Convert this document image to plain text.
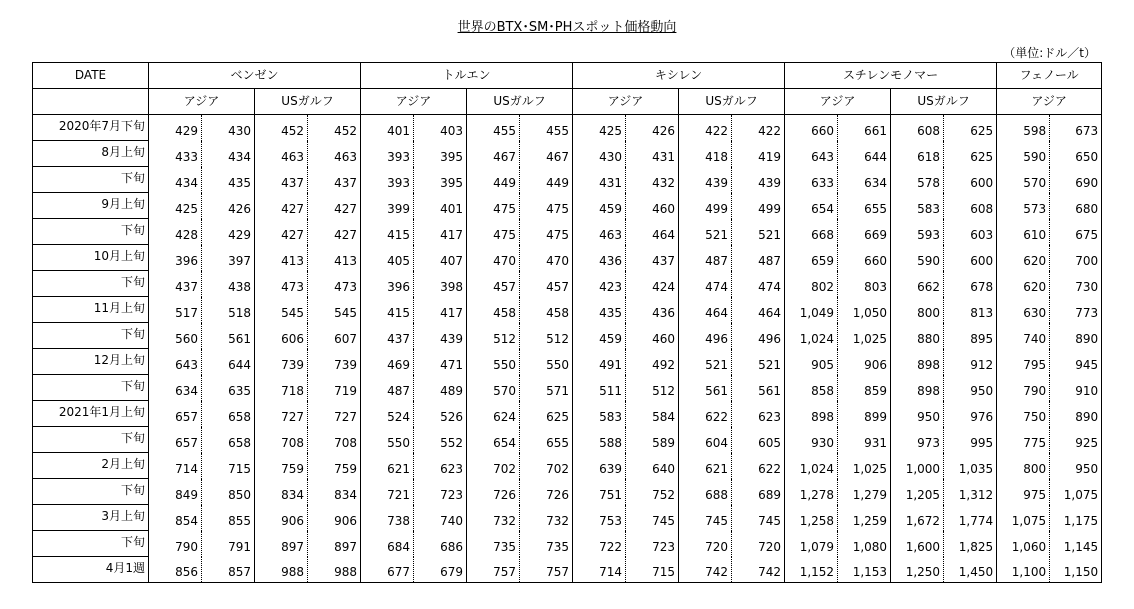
世界のBTX･SM･PHスポット価格動向
（単位:ドル／t）
DATE	ベンゼン				トルエン				キシレン				スチレンモノマー				フェノール	
	アジア		USガルフ		アジア		USガルフ		アジア		USガルフ		アジア		USガルフ		アジア	
2020年7月下旬	429	430	452	452	401	403	455	455	425	426	422	422	660	661	608	625	598	673
8月上旬	433	434	463	463	393	395	467	467	430	431	418	419	643	644	618	625	590	650
下旬	434	435	437	437	393	395	449	449	431	432	439	439	633	634	578	600	570	690
9月上旬	425	426	427	427	399	401	475	475	459	460	499	499	654	655	583	608	573	680
下旬	428	429	427	427	415	417	475	475	463	464	521	521	668	669	593	603	610	675
10月上旬	396	397	413	413	405	407	470	470	436	437	487	487	659	660	590	600	620	700
下旬	437	438	473	473	396	398	457	457	423	424	474	474	802	803	662	678	620	730
11月上旬	517	518	545	545	415	417	458	458	435	436	464	464	1,049	1,050	800	813	630	773
下旬	560	561	606	607	437	439	512	512	459	460	496	496	1,024	1,025	880	895	740	890
12月上旬	643	644	739	739	469	471	550	550	491	492	521	521	905	906	898	912	795	945
下旬	634	635	718	719	487	489	570	571	511	512	561	561	858	859	898	950	790	910
2021年1月上旬	657	658	727	727	524	526	624	625	583	584	622	623	898	899	950	976	750	890
下旬	657	658	708	708	550	552	654	655	588	589	604	605	930	931	973	995	775	925
2月上旬	714	715	759	759	621	623	702	702	639	640	621	622	1,024	1,025	1,000	1,035	800	950
下旬	849	850	834	834	721	723	726	726	751	752	688	689	1,278	1,279	1,205	1,312	975	1,075
3月上旬	854	855	906	906	738	740	732	732	753	745	745	745	1,258	1,259	1,672	1,774	1,075	1,175
下旬	790	791	897	897	684	686	735	735	722	723	720	720	1,079	1,080	1,600	1,825	1,060	1,145
4月1週	856	857	988	988	677	679	757	757	714	715	742	742	1,152	1,153	1,250	1,450	1,100	1,150
